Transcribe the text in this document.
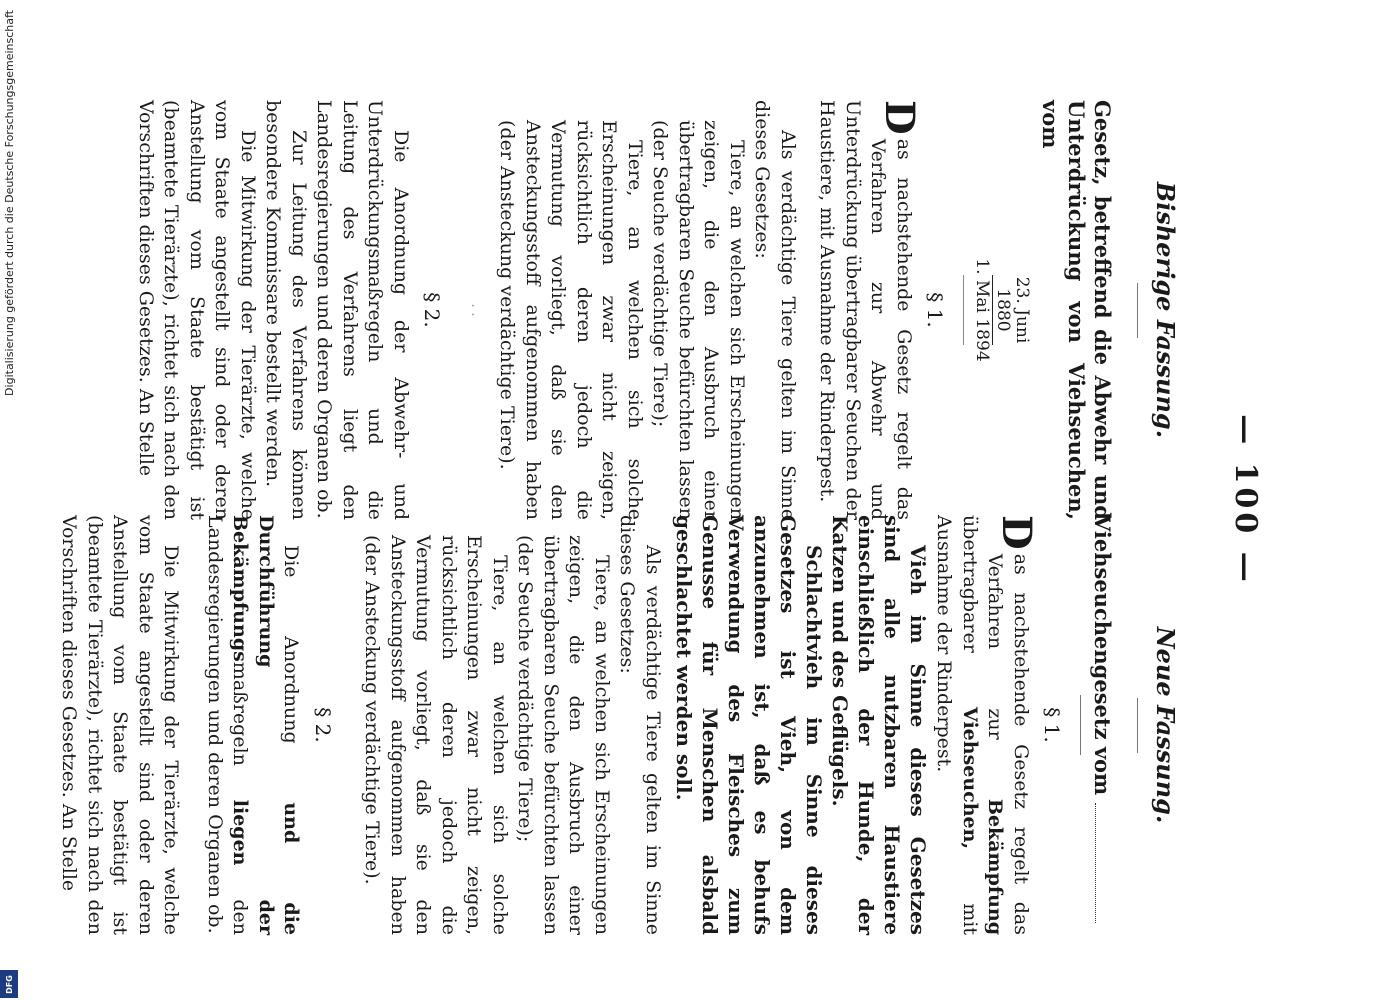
— 100 —
Bisherige Fassung.

Gesetz, betreffend die Abwehr und Unterdrückung von Viehseuchen, vom

23. Juni 1880
1. Mai 1894
§ 1.

D
as nachstehende Gesetz regelt das Verfahren zur Abwehr und Unterdrückung übertragbarer Seuchen der Haustiere, mit Ausnahme der Rinderpest.

Als verdächtige Tiere gelten im Sinne dieses Gesetzes:

Tiere, an welchen sich Erscheinungen zeigen, die den Ausbruch einer übertragbaren Seuche befürchten lassen (der Seuche verdächtige Tiere);

Tiere, an welchen sich solche Erscheinungen zwar nicht zeigen, rücksichtlich deren jedoch die Vermutung vorliegt, daß sie den Ansteckungsstoff aufgenommen haben (der Ansteckung verdächtige Tiere).

· ·
§ 2.

Die Anordnung der Abwehr- und Unterdrückungsmaßregeln und die Leitung des Verfahrens liegt den Landesregierungen und deren Organen ob.

Zur Leitung des Verfahrens können besondere Kommissare bestellt werden.

Die Mitwirkung der Tierärzte, welche vom Staate angestellt sind oder deren Anstellung vom Staate bestätigt ist (beamtete Tierärzte), richtet sich nach den Vorschriften dieses Gesetzes. An Stelle

Neue Fassung.

Viehseuchengesetz vom

§ 1.

D
as nachstehende Gesetz regelt das Verfahren zur Bekämpfung übertragbarer Viehseuchen, mit Ausnahme der Rinderpest.

Vieh im Sinne dieses Gesetzes sind alle nutzbaren Haustiere einschließlich der Hunde, der Katzen und des Geflügels.

Schlachtvieh im Sinne dieses Gesetzes ist Vieh, von dem anzunehmen ist, daß es behufs Verwendung des Fleisches zum Genusse für Menschen alsbald geschlachtet werden soll.

Als verdächtige Tiere gelten im Sinne dieses Gesetzes:

Tiere, an welchen sich Erscheinungen zeigen, die den Ausbruch einer übertragbaren Seuche befürchten lassen (der Seuche verdächtige Tiere);

Tiere, an welchen sich solche Erscheinungen zwar nicht zeigen, rücksichtlich deren jedoch die Vermutung vorliegt, daß sie den Ansteckungsstoff aufgenommen haben (der Ansteckung verdächtige Tiere).

§ 2.

Die Anordnung und die Durchführung der Bekämpfungsmaßregeln liegen den Landesregierungen und deren Organen ob.

Die Mitwirkung der Tierärzte, welche vom Staate angestellt sind oder deren Anstellung vom Staate bestätigt ist (beamtete Tierärzte), richtet sich nach den Vorschriften dieses Gesetzes. An Stelle

Digitalisierung gefördert durch die Deutsche Forschungsgemeinschaft
DFG
